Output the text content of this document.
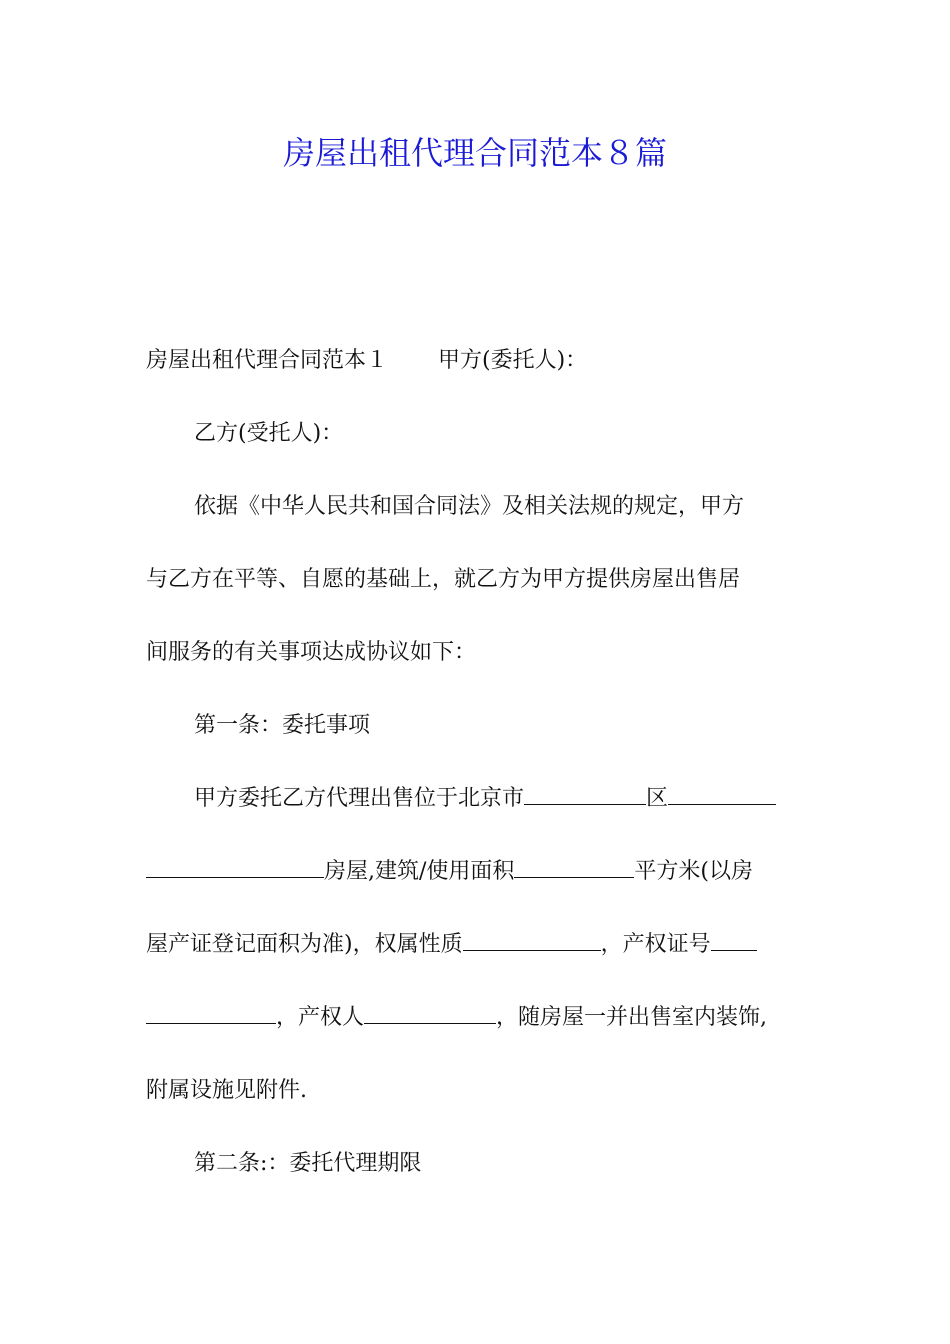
房屋出租代理合同范本８篇
房屋出租代理合同范本１ 甲方(委托人)：
乙方(受托人)：
依据《中华人民共和国合同法》及相关法规的规定，甲方
与乙方在平等、自愿的基础上，就乙方为甲方提供房屋出售居
间服务的有关事项达成协议如下：
第一条：委托事项
甲方委托乙方代理出售位于北京市	区
房屋,建筑/使用面积	平方米(以房
屋产证登记面积为准)，权属性质	，产权证号
，产权人	，随房屋一并出售室内装饰,
附属设施见附件.
第二条:：委托代理期限
